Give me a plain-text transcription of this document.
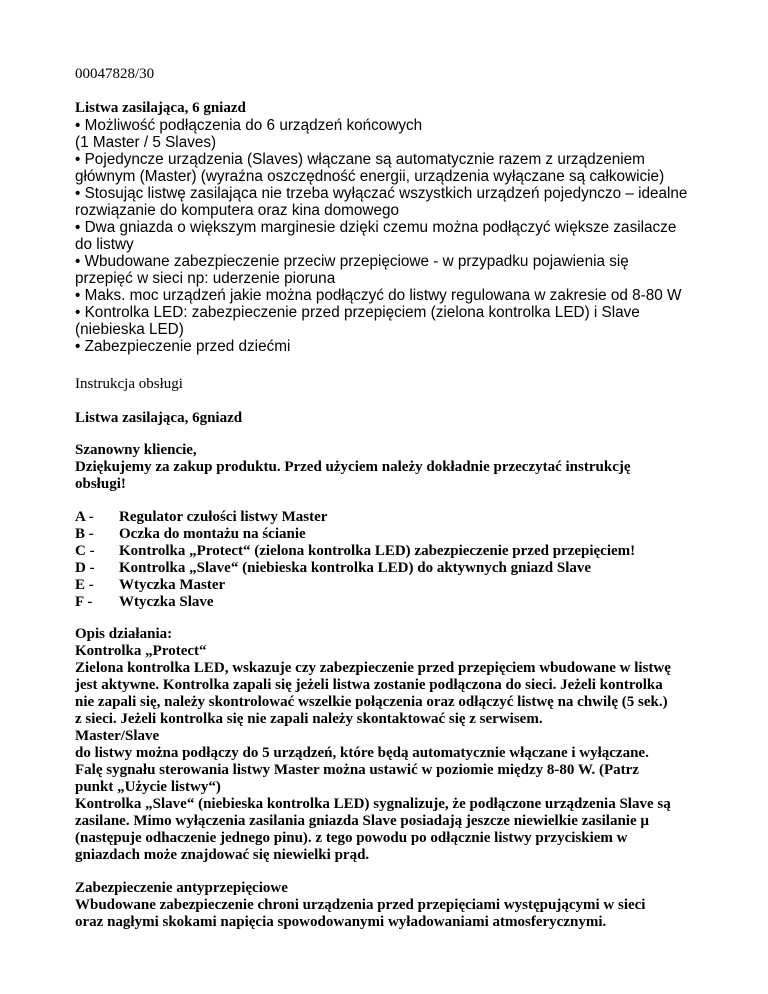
00047828/30
Listwa zasilająca, 6 gniazd
• Możliwość podłączenia do 6 urządzeń końcowych
(1 Master / 5 Slaves)
• Pojedyncze urządzenia (Slaves) włączane są automatycznie razem z urządzeniem
głównym (Master) (wyraźna oszczędność energii, urządzenia wyłączane są całkowicie)
• Stosując listwę zasilająca nie trzeba wyłączać wszystkich urządzeń pojedynczo – idealne
rozwiązanie do komputera oraz kina domowego
• Dwa gniazda o większym marginesie dzięki czemu można podłączyć większe zasilacze
do listwy
• Wbudowane zabezpieczenie przeciw przepięciowe - w przypadku pojawienia się
przepięć w sieci np: uderzenie pioruna
• Maks. moc urządzeń jakie można podłączyć do listwy regulowana w zakresie od 8-80 W
• Kontrolka LED: zabezpieczenie przed przepięciem (zielona kontrolka LED) i Slave
(niebieska LED)
• Zabezpieczenie przed dziećmi
Instrukcja obsługi
Listwa zasilająca, 6gniazd
Szanowny kliencie,
Dziękujemy za zakup produktu. Przed użyciem należy dokładnie przeczytać instrukcję
obsługi!
A -	Regulator czułości listwy Master
B -	Oczka do montażu na ścianie
C -	Kontrolka „Protect“ (zielona kontrolka LED) zabezpieczenie przed przepięciem!
D -	Kontrolka „Slave“ (niebieska kontrolka LED) do aktywnych gniazd Slave
E -	Wtyczka Master
F -	Wtyczka Slave
Opis działania:
Kontrolka „Protect“
Zielona kontrolka LED, wskazuje czy zabezpieczenie przed przepięciem wbudowane w listwę
jest aktywne. Kontrolka zapali się jeżeli listwa zostanie podłączona do sieci. Jeżeli kontrolka
nie zapali się, należy skontrolować wszelkie połączenia oraz odłączyć listwę na chwilę (5 sek.)
z sieci. Jeżeli kontrolka się nie zapali należy skontaktować się z serwisem.
Master/Slave
do listwy można podłączy do 5 urządzeń, które będą automatycznie włączane i wyłączane.
Falę sygnału sterowania listwy Master można ustawić w poziomie między 8-80 W. (Patrz
punkt „Użycie listwy“)
Kontrolka „Slave“ (niebieska kontrolka LED) sygnalizuje, że podłączone urządzenia Slave są
zasilane. Mimo wyłączenia zasilania gniazda Slave posiadają jeszcze niewielkie zasilanie µ
(następuje odhaczenie jednego pinu). z tego powodu po odłącznie listwy przyciskiem w
gniazdach może znajdować się niewielki prąd.
Zabezpieczenie antyprzepięciowe
Wbudowane zabezpieczenie chroni urządzenia przed przepięciami występującymi w sieci
oraz nagłymi skokami napięcia spowodowanymi wyładowaniami atmosferycznymi.
